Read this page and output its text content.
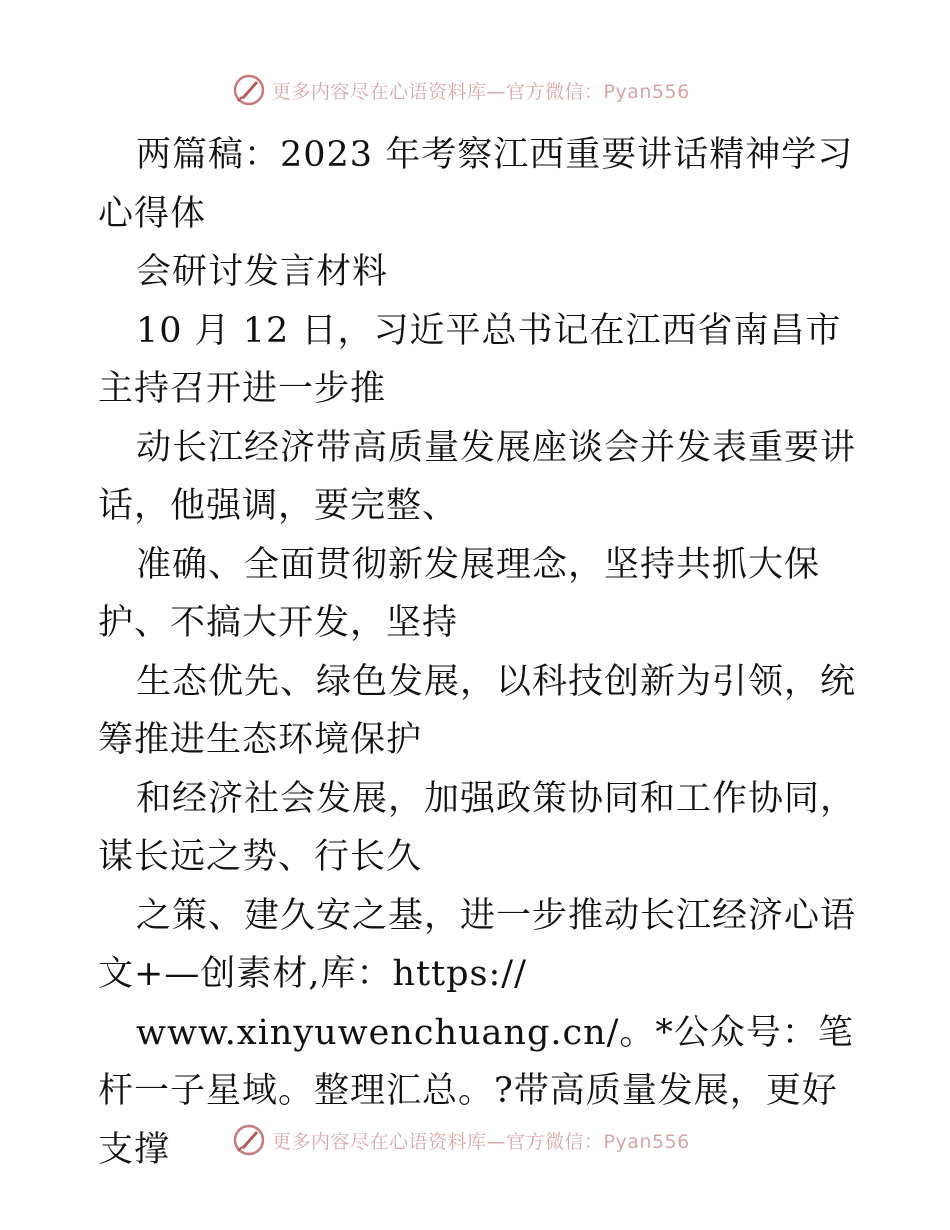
更多内容尽在心语资料库—官方微信：Pyan556

两篇稿：2023 年考察江西重要讲话精神学习心得体

会研讨发言材料

10 月 12 日，习近平总书记在江西省南昌市主持召开进一步推

动长江经济带高质量发展座谈会并发表重要讲话，他强调，要完整、

准确、全面贯彻新发展理念，坚持共抓大保护、不搞大开发，坚持

生态优先、绿色发展，以科技创新为引领，统筹推进生态环境保护

和经济社会发展，加强政策协同和工作协同，谋长远之势、行长久

之策、建久安之基，进一步推动长江经济心语文+—创素材,库：https://

www.xinyuwenchuang.cn/。*公众号：笔杆一子星域。整理汇总。?带高质量发展，更好支撑	更多内容尽在心语资料库—官方微信：Pyan556
